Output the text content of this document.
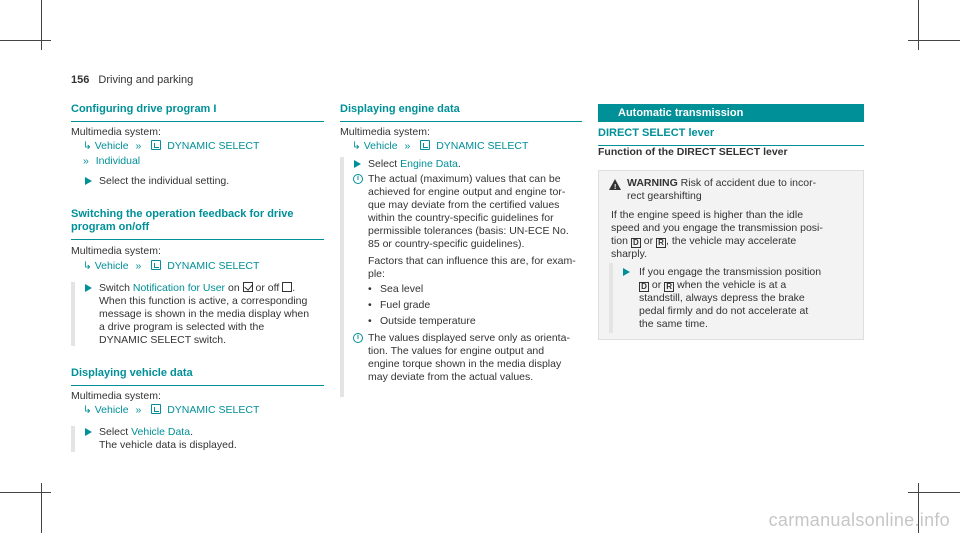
156 Driving and parking
Configuring drive program I
Multimedia system:
↳ Vehicle » DYNAMIC SELECT
» Individual
Select the individual setting.
Switching the operation feedback for drive
program on/off
Multimedia system:
↳ Vehicle » DYNAMIC SELECT
Switch Notification for User on or off .
When this function is active, a corresponding
message is shown in the media display when
a drive program is selected with the
DYNAMIC SELECT switch.
Displaying vehicle data
Multimedia system:
↳ Vehicle » DYNAMIC SELECT
Select Vehicle Data.
The vehicle data is displayed.
Displaying engine data
Multimedia system:
↳ Vehicle » DYNAMIC SELECT
Select Engine Data.
i The actual (maximum) values that can be
achieved for engine output and engine tor-
que may deviate from the certified values
within the country-specific guidelines for
permissible tolerances (basis: UN-ECE No.
85 or country-specific guidelines).
Factors that can influence this are, for exam-
ple:
• Sea level
• Fuel grade
• Outside temperature
i The values displayed serve only as orienta-
tion. The values for engine output and
engine torque shown in the media display
may deviate from the actual values.
Automatic transmission
DIRECT SELECT lever
Function of the DIRECT SELECT lever
!
WARNING Risk of accident due to incor-
rect gearshifting
If the engine speed is higher than the idle
speed and you engage the transmission posi-
tion D or R , the vehicle may accelerate
sharply.
If you engage the transmission position
D or R when the vehicle is at a
standstill, always depress the brake
pedal firmly and do not accelerate at
the same time.
carmanualsonline.info
